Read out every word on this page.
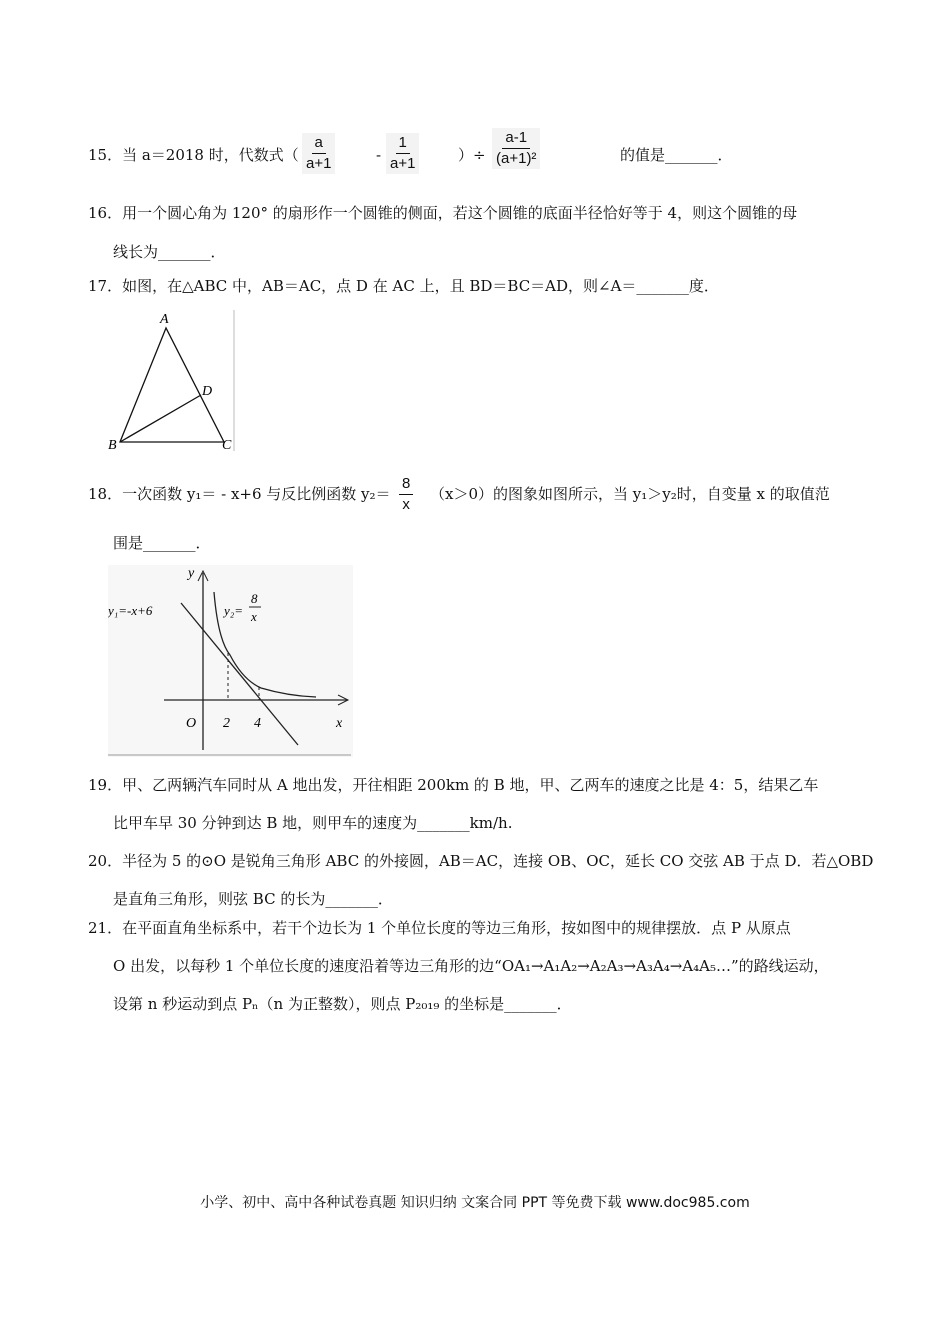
15．当 a＝2018 时，代数式（ $\frac{a}{a+1}$	- $\frac{1}{a+1}$	）÷ $\frac{a-1}{\text{(a+1)²}}$	的值是_______．
16．用一个圆心角为 120° 的扇形作一个圆锥的侧面，若这个圆锥的底面半径恰好等于 4，则这个圆锥的母
线长为_______．
17．如图，在△ABC 中，AB＝AC，点 D 在 AC 上，且 BD＝BC＝AD，则∠A＝_______度．
A
B	C
D
18．一次函数 y₁＝ - x+6 与反比例函数 $y_2= \frac{8}{x} (x>0)$的图象如图所示，当 y₁＞y₂时，自变量 x 的取值范
围是_______．
y
x
O 2 4
y₁=-x+6	y₂=
8
x
19．甲、乙两辆汽车同时从 A 地出发，开往相距 200km 的 B 地，甲、乙两车的速度之比是 4：5，结果乙车
比甲车早 30 分钟到达 B 地，则甲车的速度为_______km/h.
20．半径为 5 的⊙O 是锐角三角形 ABC 的外接圆，AB＝AC，连接 OB、OC，延长 CO 交弦 AB 于点 D．若△OBD
是直角三角形，则弦 BC 的长为_______．
21．在平面直角坐标系中，若干个边长为 1 个单位长度的等边三角形，按如图中的规律摆放．点 P 从原点
O 出发，以每秒 1 个单位长度的速度沿着等边三角形的边“OA₁→A₁A₂→A₂A₃→A₃A₄→A₄A₅…”的路线运动，
设第 n 秒运动到点 Pₙ（n 为正整数），则点 P₂₀₁₉ 的坐标是_______．
小学、初中、高中各种试卷真题 知识归纳 文案合同 PPT 等免费下载 www.doc985.com
